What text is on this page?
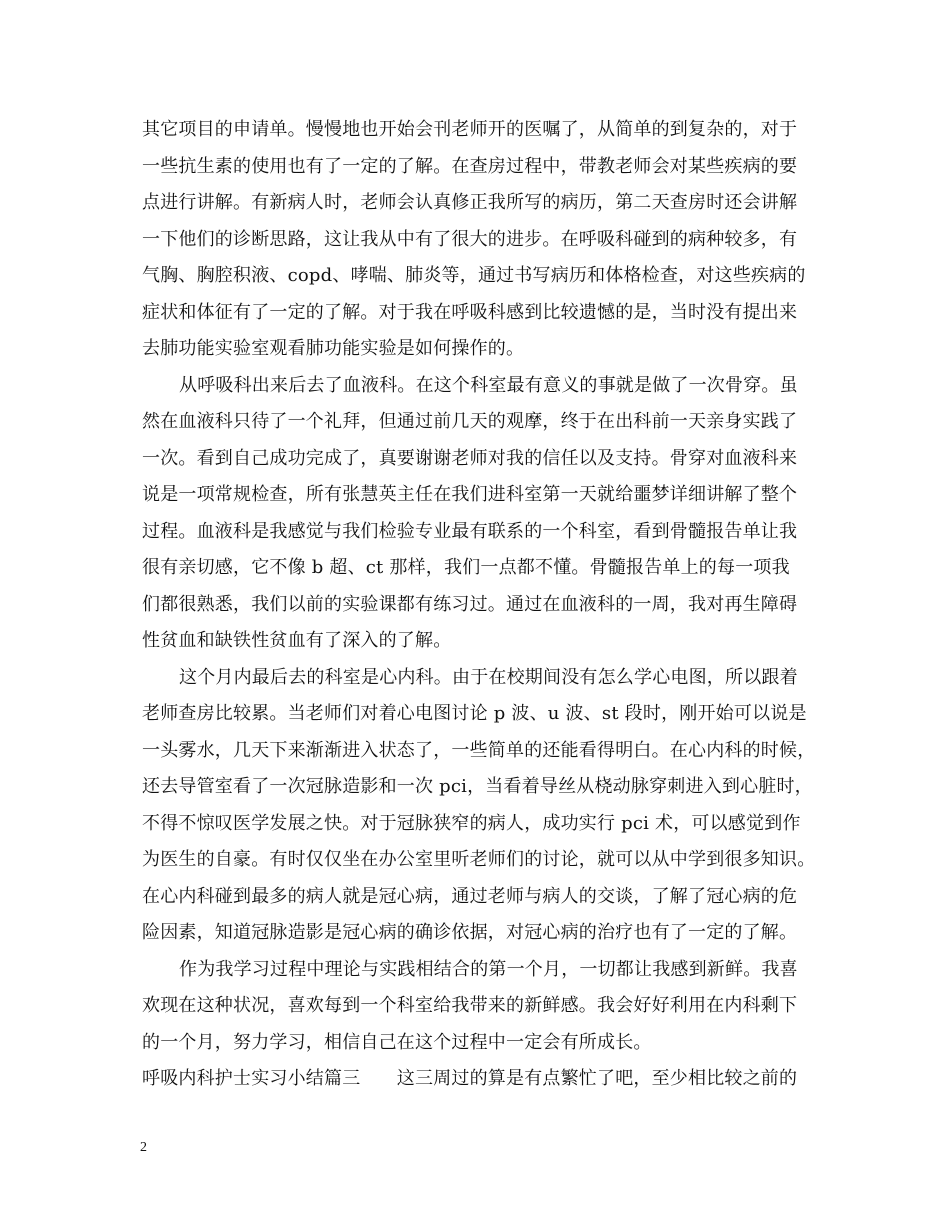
其它项目的申请单。慢慢地也开始会刊老师开的医嘱了，从简单的到复杂的，对于
一些抗生素的使用也有了一定的了解。在查房过程中，带教老师会对某些疾病的要
点进行讲解。有新病人时，老师会认真修正我所写的病历，第二天查房时还会讲解
一下他们的诊断思路，这让我从中有了很大的进步。在呼吸科碰到的病种较多，有
气胸、胸腔积液、copd、哮喘、肺炎等，通过书写病历和体格检查，对这些疾病的
症状和体征有了一定的了解。对于我在呼吸科感到比较遗憾的是，当时没有提出来
去肺功能实验室观看肺功能实验是如何操作的。
从呼吸科出来后去了血液科。在这个科室最有意义的事就是做了一次骨穿。虽
然在血液科只待了一个礼拜，但通过前几天的观摩，终于在出科前一天亲身实践了
一次。看到自己成功完成了，真要谢谢老师对我的信任以及支持。骨穿对血液科来
说是一项常规检查，所有张慧英主任在我们进科室第一天就给噩梦详细讲解了整个
过程。血液科是我感觉与我们检验专业最有联系的一个科室，看到骨髓报告单让我
很有亲切感，它不像 b 超、ct 那样，我们一点都不懂。骨髓报告单上的每一项我
们都很熟悉，我们以前的实验课都有练习过。通过在血液科的一周，我对再生障碍
性贫血和缺铁性贫血有了深入的了解。
这个月内最后去的科室是心内科。由于在校期间没有怎么学心电图，所以跟着
老师查房比较累。当老师们对着心电图讨论 p 波、u 波、st 段时，刚开始可以说是
一头雾水，几天下来渐渐进入状态了，一些简单的还能看得明白。在心内科的时候，
还去导管室看了一次冠脉造影和一次 pci，当看着导丝从桡动脉穿刺进入到心脏时，
不得不惊叹医学发展之快。对于冠脉狭窄的病人，成功实行 pci 术，可以感觉到作
为医生的自豪。有时仅仅坐在办公室里听老师们的讨论，就可以从中学到很多知识。
在心内科碰到最多的病人就是冠心病，通过老师与病人的交谈，了解了冠心病的危
险因素，知道冠脉造影是冠心病的确诊依据，对冠心病的治疗也有了一定的了解。
作为我学习过程中理论与实践相结合的第一个月，一切都让我感到新鲜。我喜
欢现在这种状况，喜欢每到一个科室给我带来的新鲜感。我会好好利用在内科剩下
的一个月，努力学习，相信自己在这个过程中一定会有所成长。
呼吸内科护士实习小结篇三　　这三周过的算是有点繁忙了吧，至少相比较之前的
2
